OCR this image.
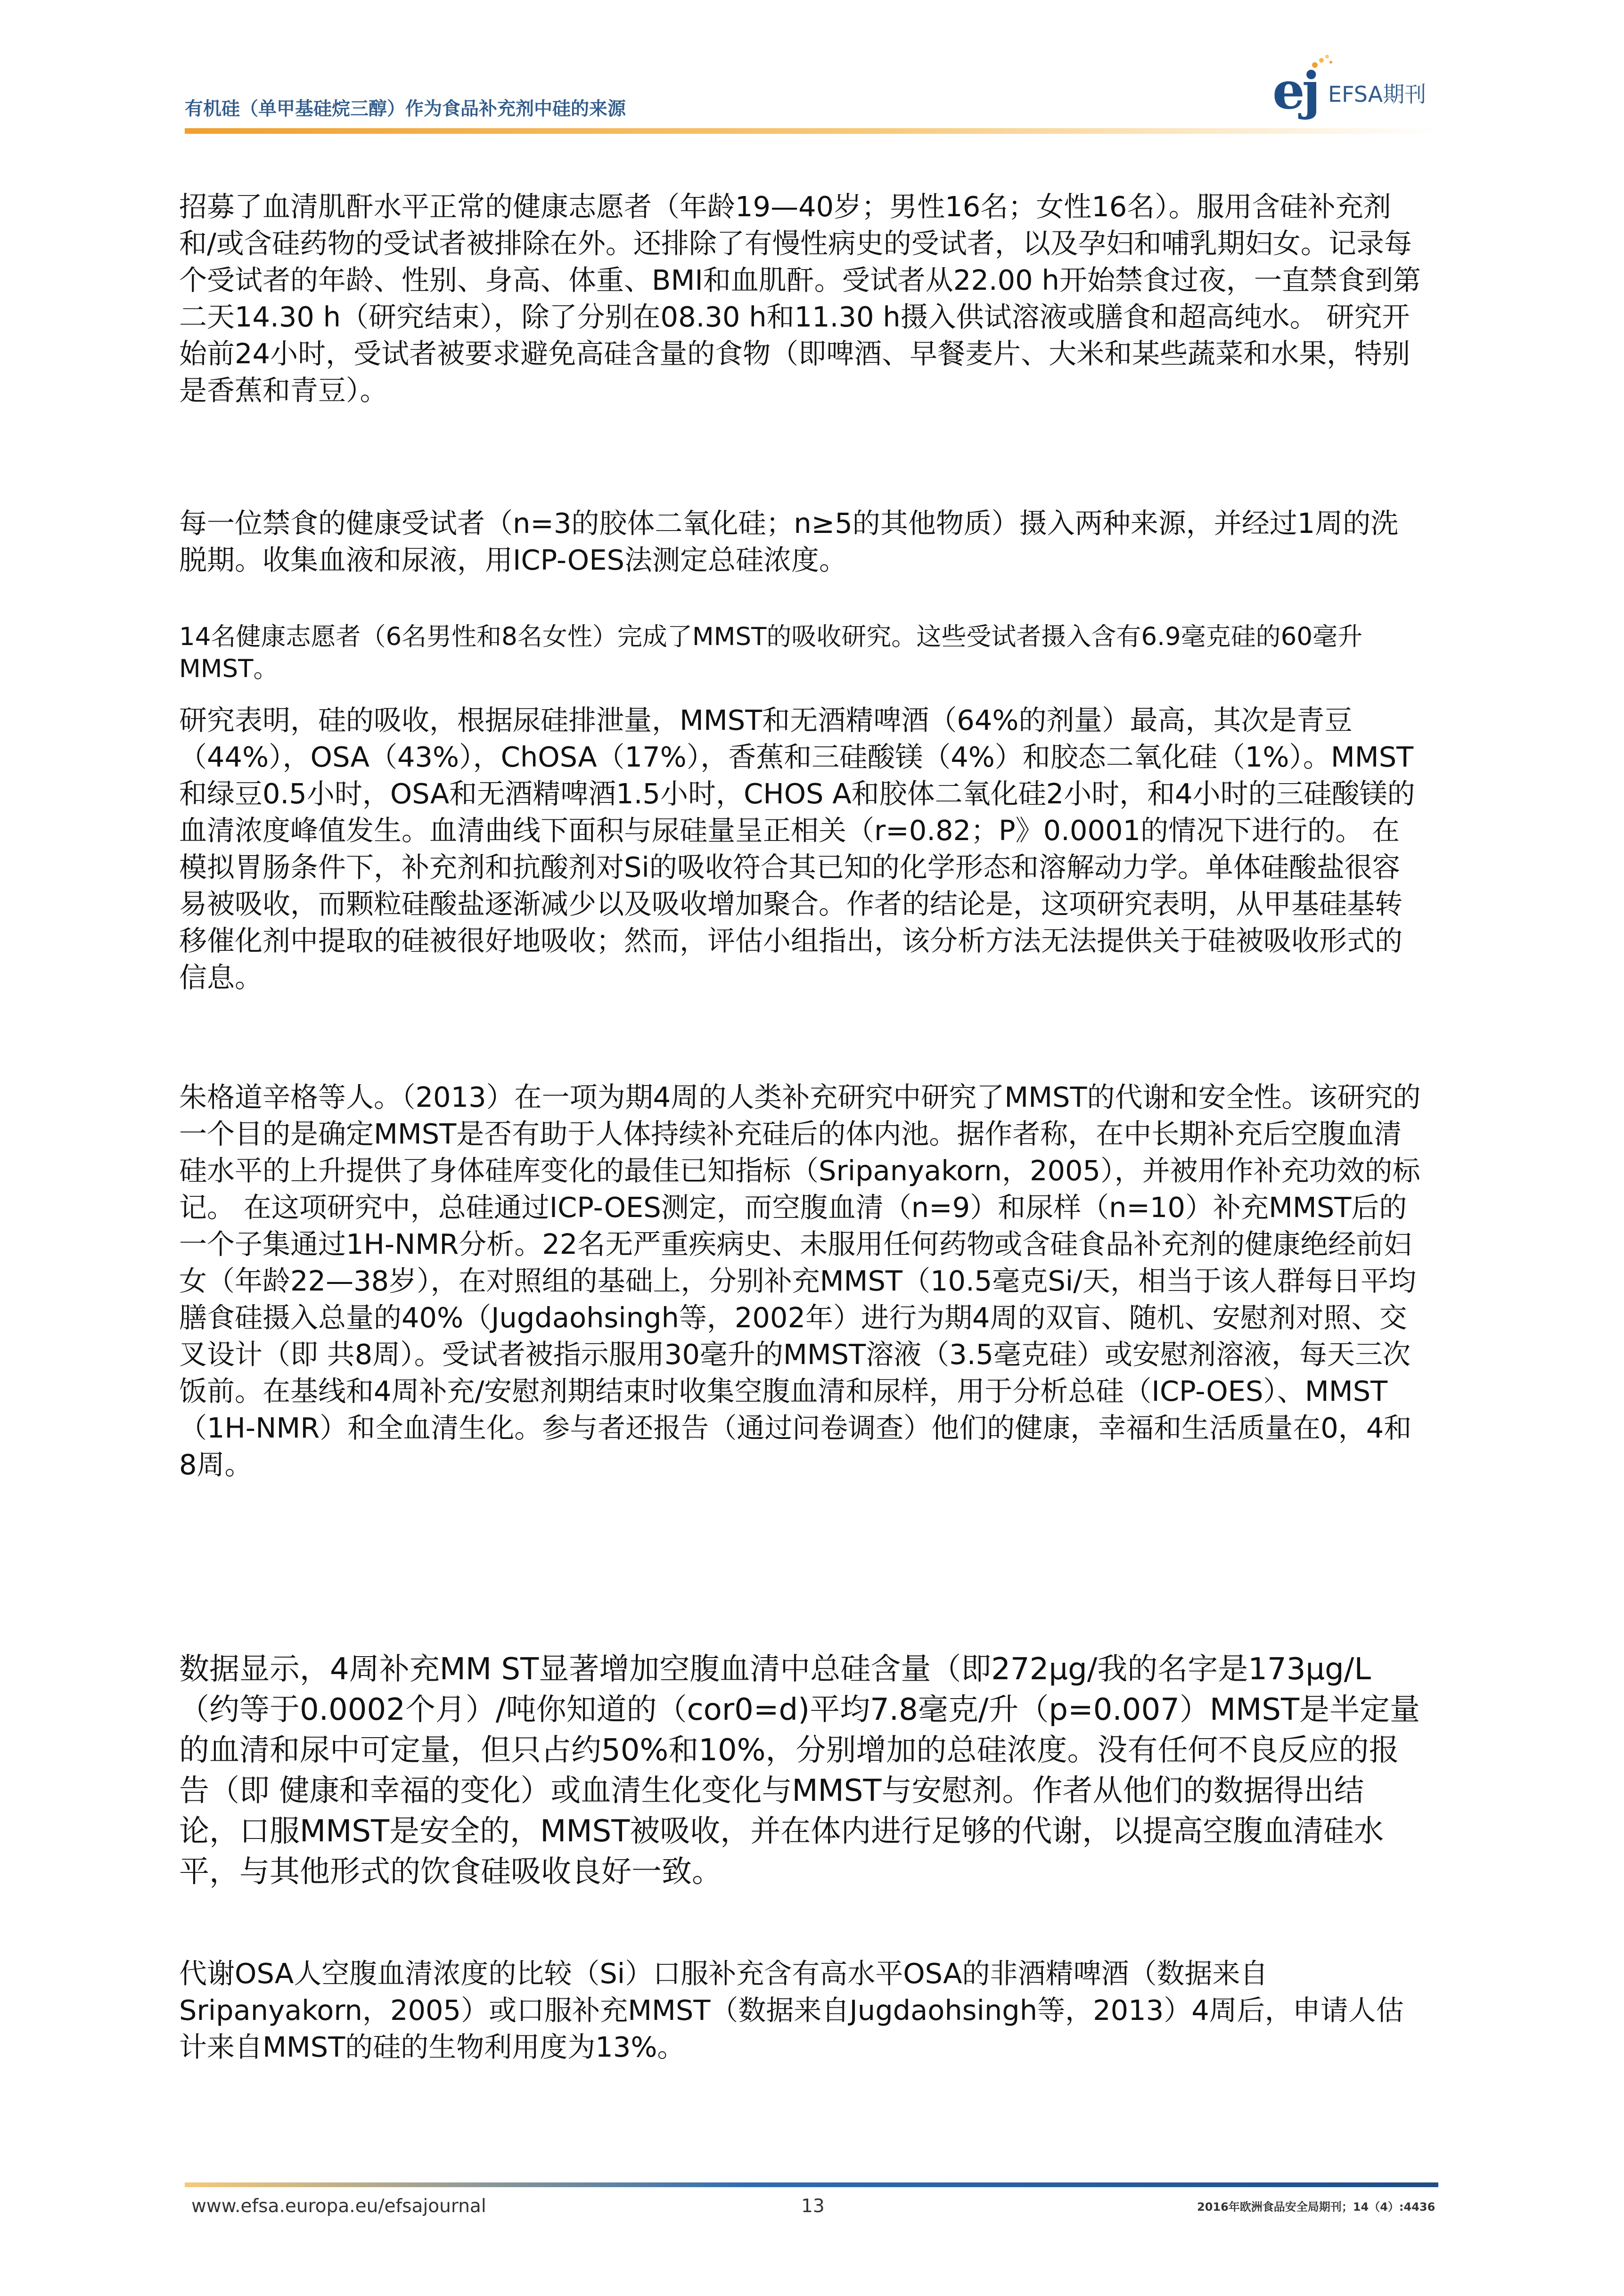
有机硅（单甲基硅烷三醇）作为食品补充剂中硅的来源	ej EFSA期刊

招募了血清肌酐水平正常的健康志愿者（年龄19—40岁；男性16名；女性16名）。服用含硅补充剂和/或含硅药物的受试者被排除在外。还排除了有慢性病史的受试者，以及孕妇和哺乳期妇女。记录每个受试者的年龄、性别、身高、体重、BMI和血肌酐。受试者从22.00 h开始禁食过夜，一直禁食到第二天14.30 h（研究结束），除了分别在08.30 h和11.30 h摄入供试溶液或膳食和超高纯水。 研究开始前24小时，受试者被要求避免高硅含量的食物（即啤酒、早餐麦片、大米和某些蔬菜和水果，特别是香蕉和青豆）。

每一位禁食的健康受试者（n=3的胶体二氧化硅；n≥5的其他物质）摄入两种来源，并经过1周的洗脱期。收集血液和尿液，用ICP-OES法测定总硅浓度。

14名健康志愿者（6名男性和8名女性）完成了MMST的吸收研究。这些受试者摄入含有6.9毫克硅的60毫升MMST。

研究表明，硅的吸收，根据尿硅排泄量，MMST和无酒精啤酒（64%的剂量）最高，其次是青豆（44%），OSA（43%），ChOSA（17%），香蕉和三硅酸镁（4%）和胶态二氧化硅（1%）。MMST和绿豆0.5小时，OSA和无酒精啤酒1.5小时，CHOS A和胶体二氧化硅2小时，和4小时的三硅酸镁的血清浓度峰值发生。血清曲线下面积与尿硅量呈正相关（r=0.82；P》0.0001的情况下进行的。 在模拟胃肠条件下，补充剂和抗酸剂对Si的吸收符合其已知的化学形态和溶解动力学。单体硅酸盐很容易被吸收，而颗粒硅酸盐逐渐减少以及吸收增加聚合。作者的结论是，这项研究表明，从甲基硅基转移催化剂中提取的硅被很好地吸收；然而，评估小组指出，该分析方法无法提供关于硅被吸收形式的信息。

朱格道辛格等人。（2013）在一项为期4周的人类补充研究中研究了MMST的代谢和安全性。该研究的一个目的是确定MMST是否有助于人体持续补充硅后的体内池。据作者称，在中长期补充后空腹血清硅水平的上升提供了身体硅库变化的最佳已知指标（Sripanyakorn，2005），并被用作补充功效的标记。 在这项研究中，总硅通过ICP-OES测定，而空腹血清（n=9）和尿样（n=10）补充MMST后的一个子集通过1H-NMR分析。22名无严重疾病史、未服用任何药物或含硅食品补充剂的健康绝经前妇女（年龄22—38岁），在对照组的基础上，分别补充MMST（10.5毫克Si/天，相当于该人群每日平均膳食硅摄入总量的40%（Jugdaohsingh等，2002年）进行为期4周的双盲、随机、安慰剂对照、交叉设计（即 共8周）。受试者被指示服用30毫升的MMST溶液（3.5毫克硅）或安慰剂溶液，每天三次饭前。在基线和4周补充/安慰剂期结束时收集空腹血清和尿样，用于分析总硅（ICP-OES）、MMST（1H-NMR）和全血清生化。参与者还报告（通过问卷调查）他们的健康，幸福和生活质量在0，4和8周。

数据显示，4周补充MM ST显著增加空腹血清中总硅含量（即272μg/我的名字是173μg/L （约等于0.0002个月）/吨你知道的（cor0=d)平均7.8毫克/升（p=0.007）MMST是半定量的血清和尿中可定量，但只占约50%和10%，分别增加的总硅浓度。没有任何不良反应的报告（即 健康和幸福的变化）或血清生化变化与MMST与安慰剂。作者从他们的数据得出结论，口服MMST是安全的，MMST被吸收，并在体内进行足够的代谢，以提高空腹血清硅水平，与其他形式的饮食硅吸收良好一致。

代谢OSA人空腹血清浓度的比较（Si）口服补充含有高水平OSA的非酒精啤酒（数据来自Sripanyakorn，2005）或口服补充MMST（数据来自Jugdaohsingh等，2013）4周后，申请人估计来自MMST的硅的生物利用度为13%。

www.efsa.europa.eu/efsajournal	13	2016年欧洲食品安全局期刊；14（4）:4436
